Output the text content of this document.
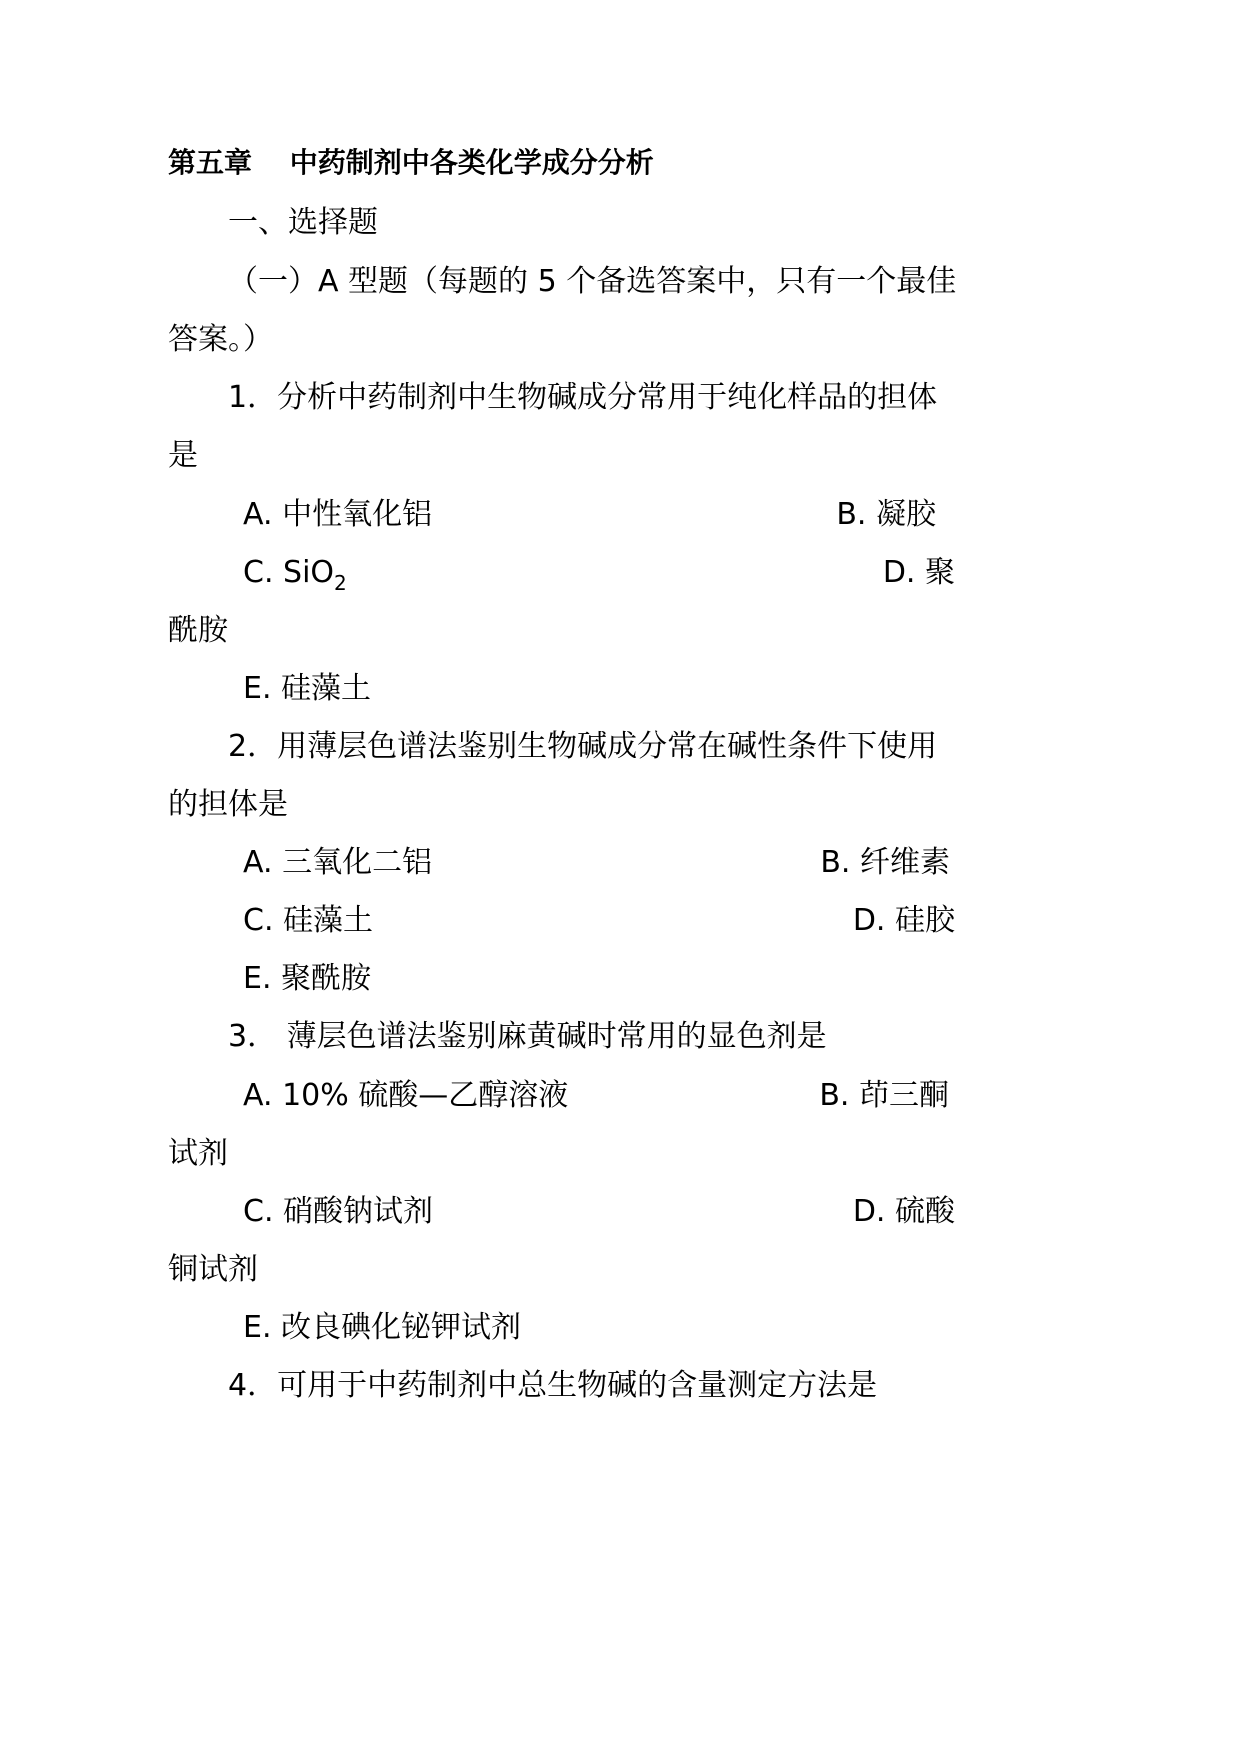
第五章　 中药制剂中各类化学成分分析
一、选择题
（一）A 型题（每题的 5 个备选答案中，只有一个最佳
答案。）
1．分析中药制剂中生物碱成分常用于纯化样品的担体
是
A. 中性氧化铝	B. 凝胶
C. SiO$_2$	D. 聚
酰胺
E. 硅藻土
2．用薄层色谱法鉴别生物碱成分常在碱性条件下使用
的担体是
A. 三氧化二铝	B. 纤维素
C. 硅藻土	D. 硅胶
E. 聚酰胺
3． 薄层色谱法鉴别麻黄碱时常用的显色剂是
A. 10% 硫酸—乙醇溶液	B. 茚三酮
试剂
C. 硝酸钠试剂	D. 硫酸
铜试剂
E. 改良碘化铋钾试剂
4．可用于中药制剂中总生物碱的含量测定方法是
